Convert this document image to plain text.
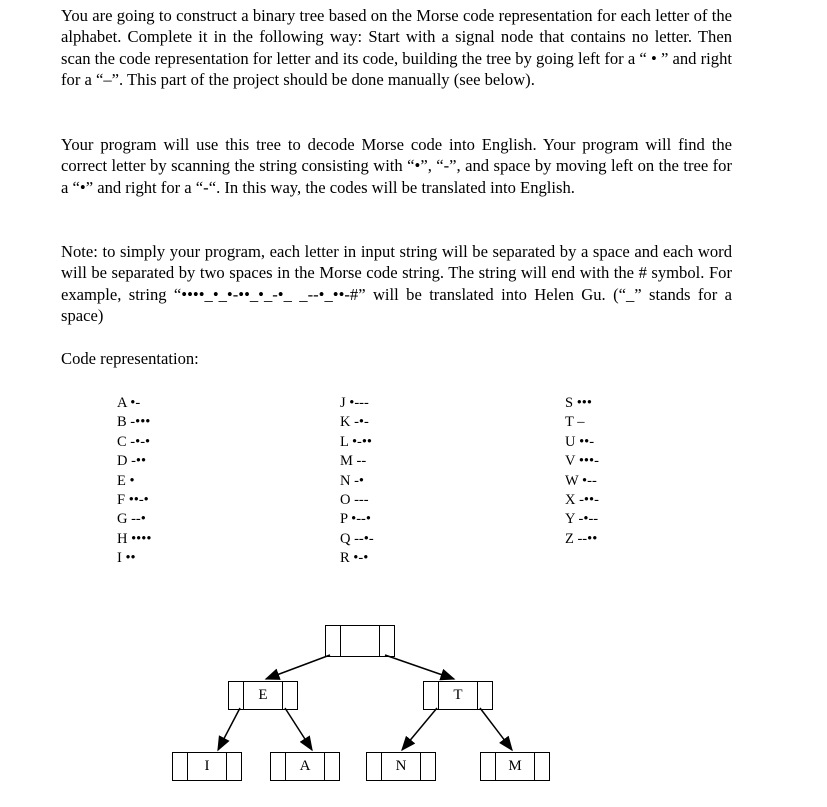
You are going to construct a binary tree based on the Morse code representation for each letter of the alphabet. Complete it in the following way: Start with a signal node that contains no letter. Then scan the code representation for letter and its code, building the tree by going left for a “ • ” and right for a “–”. This part of the project should be done manually (see below).

Your program will use this tree to decode Morse code into English. Your program will find the correct letter by scanning the string consisting with “•”, “-”, and space by moving left on the tree for a “•” and right for a “-“. In this way, the codes will be translated into English.

Note: to simply your program, each letter in input string will be separated by a space and each word will be separated by two spaces in the Morse code string. The string will end with the # symbol. For example, string “••••_•_•-••_•_-•_ _--•_••-#” will be translated into Helen Gu. (“_” stands for a space)

Code representation:

A •-
B -•••
C -•-•
D -••
E •
F ••-•
G --•
H ••••
I ••
J •---
K -•-
L •-••
M --
N -•
O ---
P •--•
Q --•-
R •-•
S •••
T –
U ••-
V •••-
W •--
X -••-
Y -•--
Z --••
E	T
I	A	N	M
